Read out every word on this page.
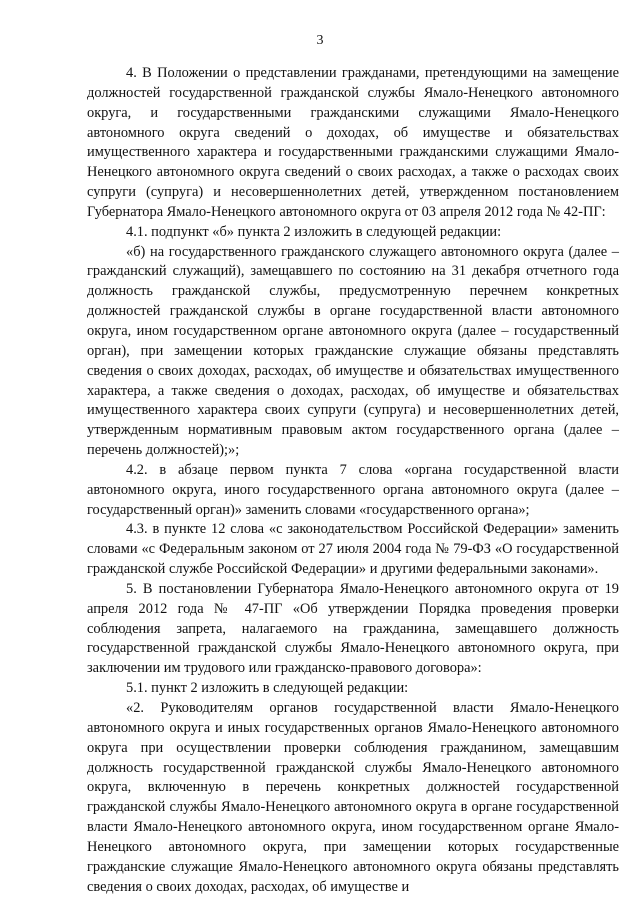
3

4. В Положении о представлении гражданами, претендующими на замещение должностей государственной гражданской службы Ямало-Ненецкого автономного округа, и государственными гражданскими служащими Ямало-Ненецкого автономного округа сведений о доходах, об имуществе и обязательствах имущественного характера и государственными гражданскими служащими Ямало-Ненецкого автономного округа сведений о своих расходах, а также о расходах своих супруги (супруга) и несовершеннолетних детей, утвержденном постановлением Губернатора Ямало-Ненецкого автономного округа от 03 апреля 2012 года № 42-ПГ:

4.1. подпункт «б» пункта 2 изложить в следующей редакции:

«б) на государственного гражданского служащего автономного округа (далее – гражданский служащий), замещавшего по состоянию на 31 декабря отчетного года должность гражданской службы, предусмотренную перечнем конкретных должностей гражданской службы в органе государственной власти автономного округа, ином государственном органе автономного округа (далее – государственный орган), при замещении которых гражданские служащие обязаны представлять сведения о своих доходах, расходах, об имуществе и обязательствах имущественного характера, а также сведения о доходах, расходах, об имуществе и обязательствах имущественного характера своих супруги (супруга) и несовершеннолетних детей, утвержденным нормативным правовым актом государственного органа (далее – перечень должностей);»;

4.2. в абзаце первом пункта 7 слова «органа государственной власти автономного округа, иного государственного органа автономного округа (далее – государственный орган)» заменить словами «государственного органа»;

4.3. в пункте 12 слова «с законодательством Российской Федерации» заменить словами «с Федеральным законом от 27 июля 2004 года № 79-ФЗ «О государственной гражданской службе Российской Федерации» и другими федеральными законами».

5. В постановлении Губернатора Ямало-Ненецкого автономного округа от 19 апреля 2012 года № 47-ПГ «Об утверждении Порядка проведения проверки соблюдения запрета, налагаемого на гражданина, замещавшего должность государственной гражданской службы Ямало-Ненецкого автономного округа, при заключении им трудового или гражданско-правового договора»:

5.1. пункт 2 изложить в следующей редакции:

«2. Руководителям органов государственной власти Ямало-Ненецкого автономного округа и иных государственных органов Ямало-Ненецкого автономного округа при осуществлении проверки соблюдения гражданином, замещавшим должность государственной гражданской службы Ямало-Ненецкого автономного округа, включенную в перечень конкретных должностей государственной гражданской службы Ямало-Ненецкого автономного округа в органе государственной власти Ямало-Ненецкого автономного округа, ином государственном органе Ямало-Ненецкого автономного округа, при замещении которых государственные гражданские служащие Ямало-Ненецкого автономного округа обязаны представлять сведения о своих доходах, расходах, об имуществе и
